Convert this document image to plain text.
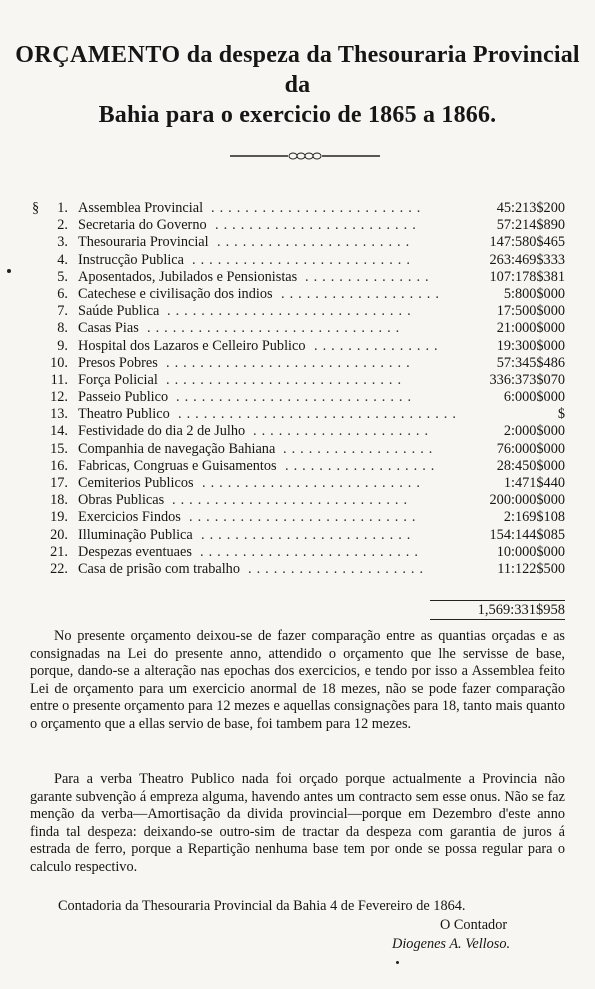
ORÇAMENTO da despeza da Thesouraria Provincial da
Bahia para o exercicio de 1865 a 1866.
§	1. Assemblea Provincial .........................	45:213$200
2. Secretaria do Governo ........................	57:214$890
3. Thesouraria Provincial .......................	147:580$465
4. Instrucção Publica ..........................	263:469$333
5. Aposentados, Jubilados e Pensionistas ...............	107:178$381
6. Catechese e civilisação dos indios ...................	5:800$000
7. Saúde Publica .............................	17:500$000
8. Casas Pias ..............................	21:000$000
9. Hospital dos Lazaros e Celleiro Publico ...............	19:300$000
10. Presos Pobres .............................	57:345$486
11. Força Policial ............................	336:373$070
12. Passeio Publico ............................	6:000$000
13. Theatro Publico .................................	$
14. Festividade do dia 2 de Julho .....................	2:000$000
15. Companhia de navegação Bahiana ..................	76:000$000
16. Fabricas, Congruas e Guisamentos ..................	28:450$000
17. Cemiterios Publicos ..........................	1:471$440
18. Obras Publicas ............................	200:000$000
19. Exercicios Findos ...........................	2:169$108
20. Illuminação Publica .........................	154:144$085
21. Despezas eventuaes ..........................	10:000$000
22. Casa de prisão com trabalho .....................	11:122$500
1,569:331$958
No presente orçamento deixou-se de fazer comparação entre as quantias orçadas e as consignadas na Lei do presente anno, attendido o orçamento que lhe servisse de base, porque, dando-se a alteração nas epochas dos exercicios, e tendo por isso a Assemblea feito Lei de orçamento para um exercicio anormal de 18 mezes, não se pode fazer comparação entre o presente orçamento para 12 mezes e aquellas consignações para 18, tanto mais quanto o orçamento que a ellas servio de base, foi tambem para 12 mezes.
Para a verba Theatro Publico nada foi orçado porque actualmente a Provincia não garante subvenção á empreza alguma, havendo antes um contracto sem esse onus. Não se faz menção da verba—Amortisação da divida provincial—porque em Dezembro d'este anno finda tal despeza: deixando-se outro-sim de tractar da despeza com garantia de juros á estrada de ferro, porque a Repartição nenhuma base tem por onde se possa regular para o calculo respectivo.
Contadoria da Thesouraria Provincial da Bahia 4 de Fevereiro de 1864.
O Contador
Diogenes A. Velloso.
